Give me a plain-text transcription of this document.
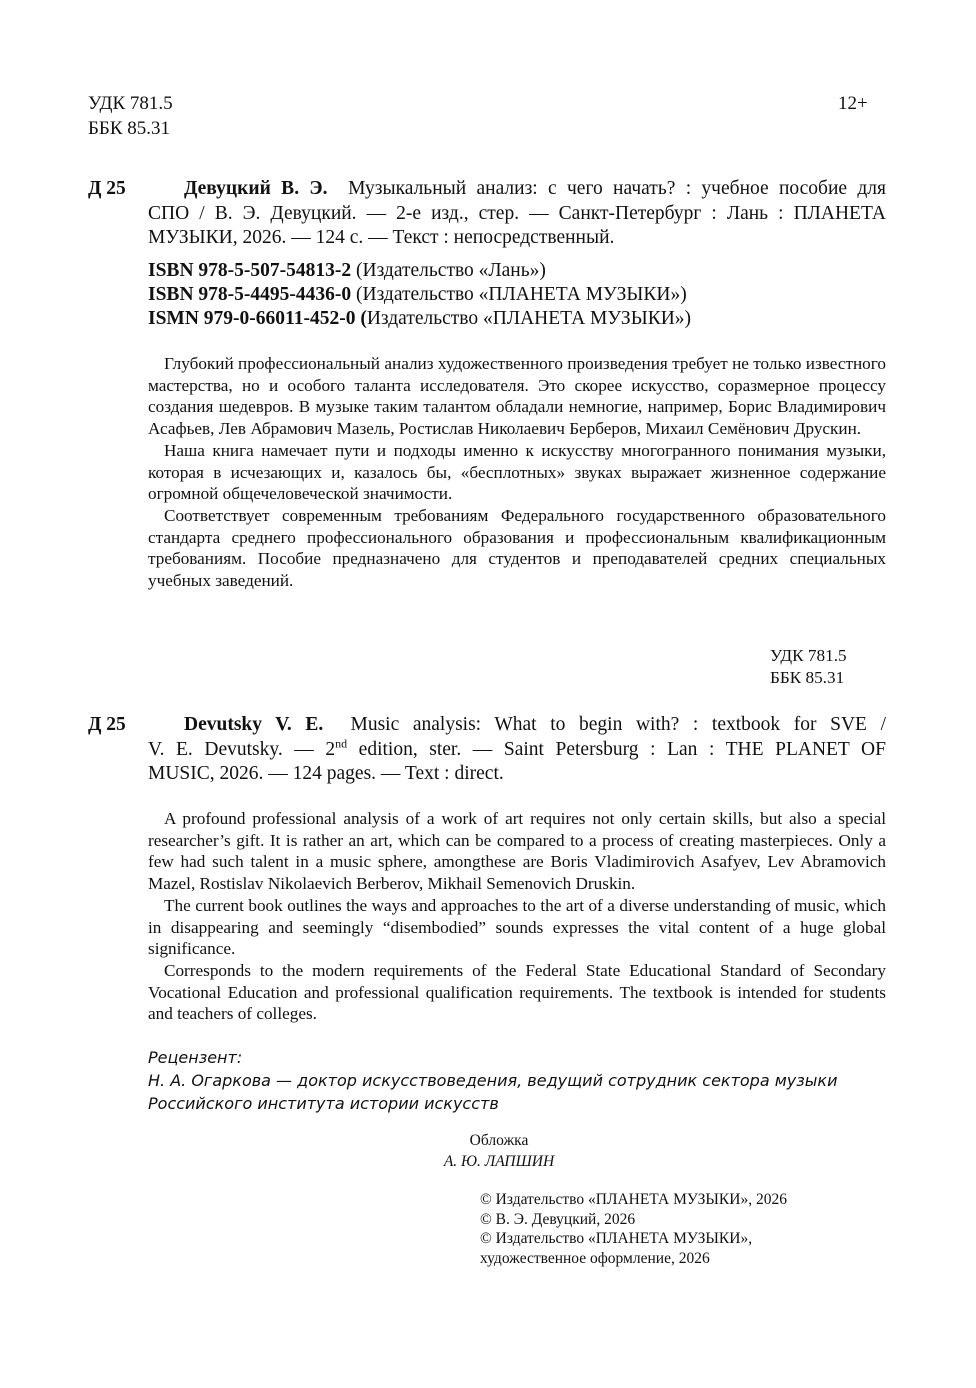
УДК 781.5
ББК 85.31
12+
Д 25	Девуцкий В. Э. Музыкальный анализ: с чего начать? : учебное пособие для
СПО / В. Э. Девуцкий. — 2-е изд., стер. — Санкт-Петербург : Лань : ПЛАНЕТА
МУЗЫКИ, 2026. — 124 с. — Текст : непосредственный.
ISBN 978-5-507-54813-2 (Издательство «Лань»)
ISBN 978-5-4495-4436-0 (Издательство «ПЛАНЕТА МУЗЫКИ»)
ISMN 979-0-66011-452-0 (Издательство «ПЛАНЕТА МУЗЫКИ»)

Глубокий профессиональный анализ художественного произведения требует не только известного мастерства, но и особого таланта исследователя. Это скорее искусство, соразмерное процессу создания шедевров. В музыке таким талантом обладали немногие, например, Борис Владимирович Асафьев, Лев Абрамович Мазель, Ростислав Николаевич Берберов, Михаил Семёнович Друскин.

Наша книга намечает пути и подходы именно к искусству многогранного понимания музыки, которая в исчезающих и, казалось бы, «бесплотных» звуках выражает жизненное содержание огромной общечеловеческой значимости.

Соответствует современным требованиям Федерального государственного образовательного стандарта среднего профессионального образования и профессиональным квалификационным требованиям. Пособие предназначено для студентов и преподавателей средних специальных учебных заведений.

УДК 781.5
ББК 85.31
Д 25	Devutsky V. E. Music analysis: What to begin with? : textbook for SVE /
V. E. Devutsky. — 2nd edition, ster. — Saint Petersburg : Lan : THE PLANET OF
MUSIC, 2026. — 124 pages. — Text : direct.

A profound professional analysis of a work of art requires not only certain skills, but also a special researcher’s gift. It is rather an art, which can be compared to a process of creating masterpieces. Only a few had such talent in a music sphere, amongthese are Boris Vladimirovich Asafyev, Lev Abramovich Mazel, Rostislav Nikolaevich Berberov, Mikhail Semenovich Druskin.

The current book outlines the ways and approaches to the art of a diverse understanding of music, which in disappearing and seemingly “disembodied” sounds expresses the vital content of a huge global significance.

Corresponds to the modern requirements of the Federal State Educational Standard of Secondary Vocational Education and professional qualification requirements. The textbook is intended for students and teachers of colleges.

Рецензент:
Н. А. Огаркова — доктор искусствоведения, ведущий сотрудник сектора музыки
Российского института истории искусств
Обложка
А. Ю. ЛАПШИН
© Издательство «ПЛАНЕТА МУЗЫКИ», 2026
© В. Э. Девуцкий, 2026
© Издательство «ПЛАНЕТА МУЗЫКИ»,
художественное оформление, 2026
